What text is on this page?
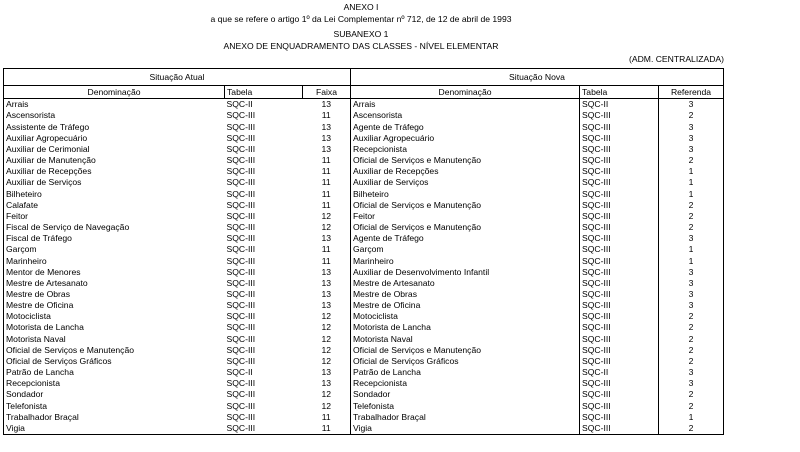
ANEXO I
a que se refere o artigo 1º da Lei Complementar nº 712, de 12 de abril de 1993
SUBANEXO 1
ANEXO DE ENQUADRAMENTO DAS CLASSES - NÍVEL ELEMENTAR
(ADM. CENTRALIZADA)
Situação Atual			Situação Nova		
Denominação	Tabela	Faixa	Denominação	Tabela	Referenda
Arrais	SQC-II	13	Arrais	SQC-II	3
Ascensorista	SQC-III	11	Ascensorista	SQC-III	2
Assistente de Tráfego	SQC-III	13	Agente de Tráfego	SQC-III	3
Auxiliar Agropecuário	SQC-III	13	Auxiliar Agropecuário	SQC-III	3
Auxiliar de Cerimonial	SQC-III	13	Recepcionista	SQC-III	3
Auxiliar de Manutenção	SQC-III	11	Oficial de Serviços e Manutenção	SQC-III	2
Auxiliar de Recepções	SQC-III	11	Auxiliar de Recepções	SQC-III	1
Auxiliar de Serviços	SQC-III	11	Auxiliar de Serviços	SQC-III	1
Bilheteiro	SQC-III	11	Bilheteiro	SQC-III	1
Calafate	SQC-III	11	Oficial de Serviços e Manutenção	SQC-III	2
Feitor	SQC-III	12	Feitor	SQC-III	2
Fiscal de Serviço de Navegação	SQC-III	12	Oficial de Serviços e Manutenção	SQC-III	2
Fiscal de Tráfego	SQC-III	13	Agente de Tráfego	SQC-III	3
Garçom	SQC-III	11	Garçom	SQC-III	1
Marinheiro	SQC-III	11	Marinheiro	SQC-III	1
Mentor de Menores	SQC-III	13	Auxiliar de Desenvolvimento Infantil	SQC-III	3
Mestre de Artesanato	SQC-III	13	Mestre de Artesanato	SQC-III	3
Mestre de Obras	SQC-III	13	Mestre de Obras	SQC-III	3
Mestre de Oficina	SQC-III	13	Mestre de Oficina	SQC-III	3
Motociclista	SQC-III	12	Motociclista	SQC-III	2
Motorista de Lancha	SQC-III	12	Motorista de Lancha	SQC-III	2
Motorista Naval	SQC-III	12	Motorista Naval	SQC-III	2
Oficial de Serviços e Manutenção	SQC-III	12	Oficial de Serviços e Manutenção	SQC-III	2
Oficial de Serviços Gráficos	SQC-III	12	Oficial de Serviços Gráficos	SQC-III	2
Patrão de Lancha	SQC-II	13	Patrão de Lancha	SQC-II	3
Recepcionista	SQC-III	13	Recepcionista	SQC-III	3
Sondador	SQC-III	12	Sondador	SQC-III	2
Telefonista	SQC-III	12	Telefonista	SQC-III	2
Trabalhador Braçal	SQC-III	11	Trabalhador Braçal	SQC-III	1
Vigia	SQC-III	11	Vigia	SQC-III	2
